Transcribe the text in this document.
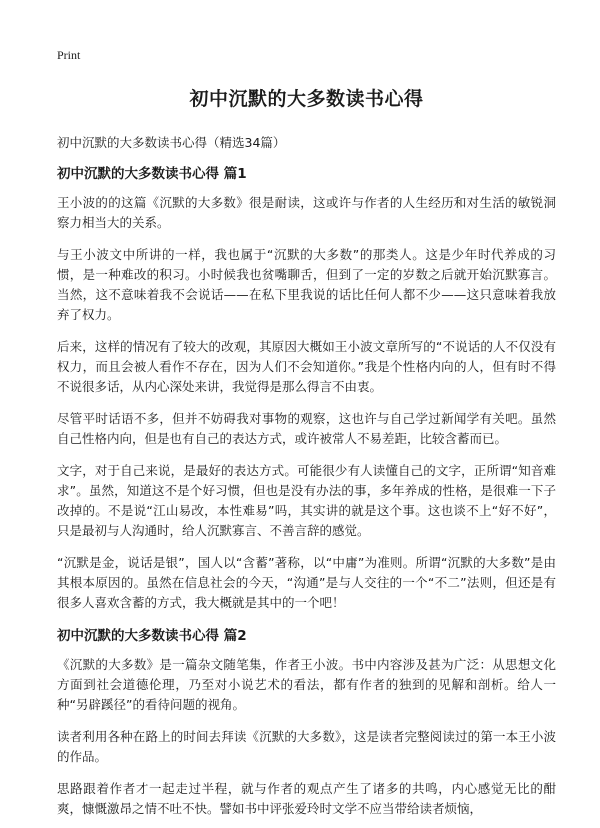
Print
初中沉默的大多数读书心得
初中沉默的大多数读书心得（精选34篇）
初中沉默的大多数读书心得 篇1

王小波的的这篇《沉默的大多数》很是耐读，这或许与作者的人生经历和对生活的敏锐洞察力相当大的关系。

与王小波文中所讲的一样，我也属于“沉默的大多数”的那类人。这是少年时代养成的习惯，是一种难改的积习。小时候我也贫嘴聊舌，但到了一定的岁数之后就开始沉默寡言。当然，这不意味着我不会说话——在私下里我说的话比任何人都不少——这只意味着我放弃了权力。

后来，这样的情况有了较大的改观，其原因大概如王小波文章所写的“不说话的人不仅没有权力，而且会被人看作不存在，因为人们不会知道你。”我是个性格内向的人，但有时不得不说很多话，从内心深处来讲，我觉得是那么得言不由衷。

尽管平时话语不多，但并不妨碍我对事物的观察，这也许与自己学过新闻学有关吧。虽然自己性格内向，但是也有自己的表达方式，或许被常人不易差距，比较含蓄而已。

文字，对于自己来说，是最好的表达方式。可能很少有人读懂自己的文字，正所谓“知音难求”。虽然，知道这不是个好习惯，但也是没有办法的事，多年养成的性格，是很难一下子改掉的。不是说“江山易改，本性难易”吗，其实讲的就是这个事。这也谈不上“好不好”，只是最初与人沟通时，给人沉默寡言、不善言辞的感觉。

“沉默是金，说话是银”，国人以“含蓄”著称，以“中庸”为准则。所谓“沉默的大多数”是由其根本原因的。虽然在信息社会的今天，“沟通”是与人交往的一个“不二”法则，但还是有很多人喜欢含蓄的方式，我大概就是其中的一个吧！

初中沉默的大多数读书心得 篇2

《沉默的大多数》是一篇杂文随笔集，作者王小波。书中内容涉及甚为广泛：从思想文化方面到社会道德伦理，乃至对小说艺术的看法，都有作者的独到的见解和剖析。给人一种“另辟蹊径”的看待问题的视角。

读者利用各种在路上的时间去拜读《沉默的大多数》，这是读者完整阅读过的第一本王小波的作品。

思路跟着作者才一起走过半程，就与作者的观点产生了诸多的共鸣，内心感觉无比的酣爽，慷慨激昂之情不吐不快。譬如书中评张爱玲时文学不应当带给读者烦恼，
